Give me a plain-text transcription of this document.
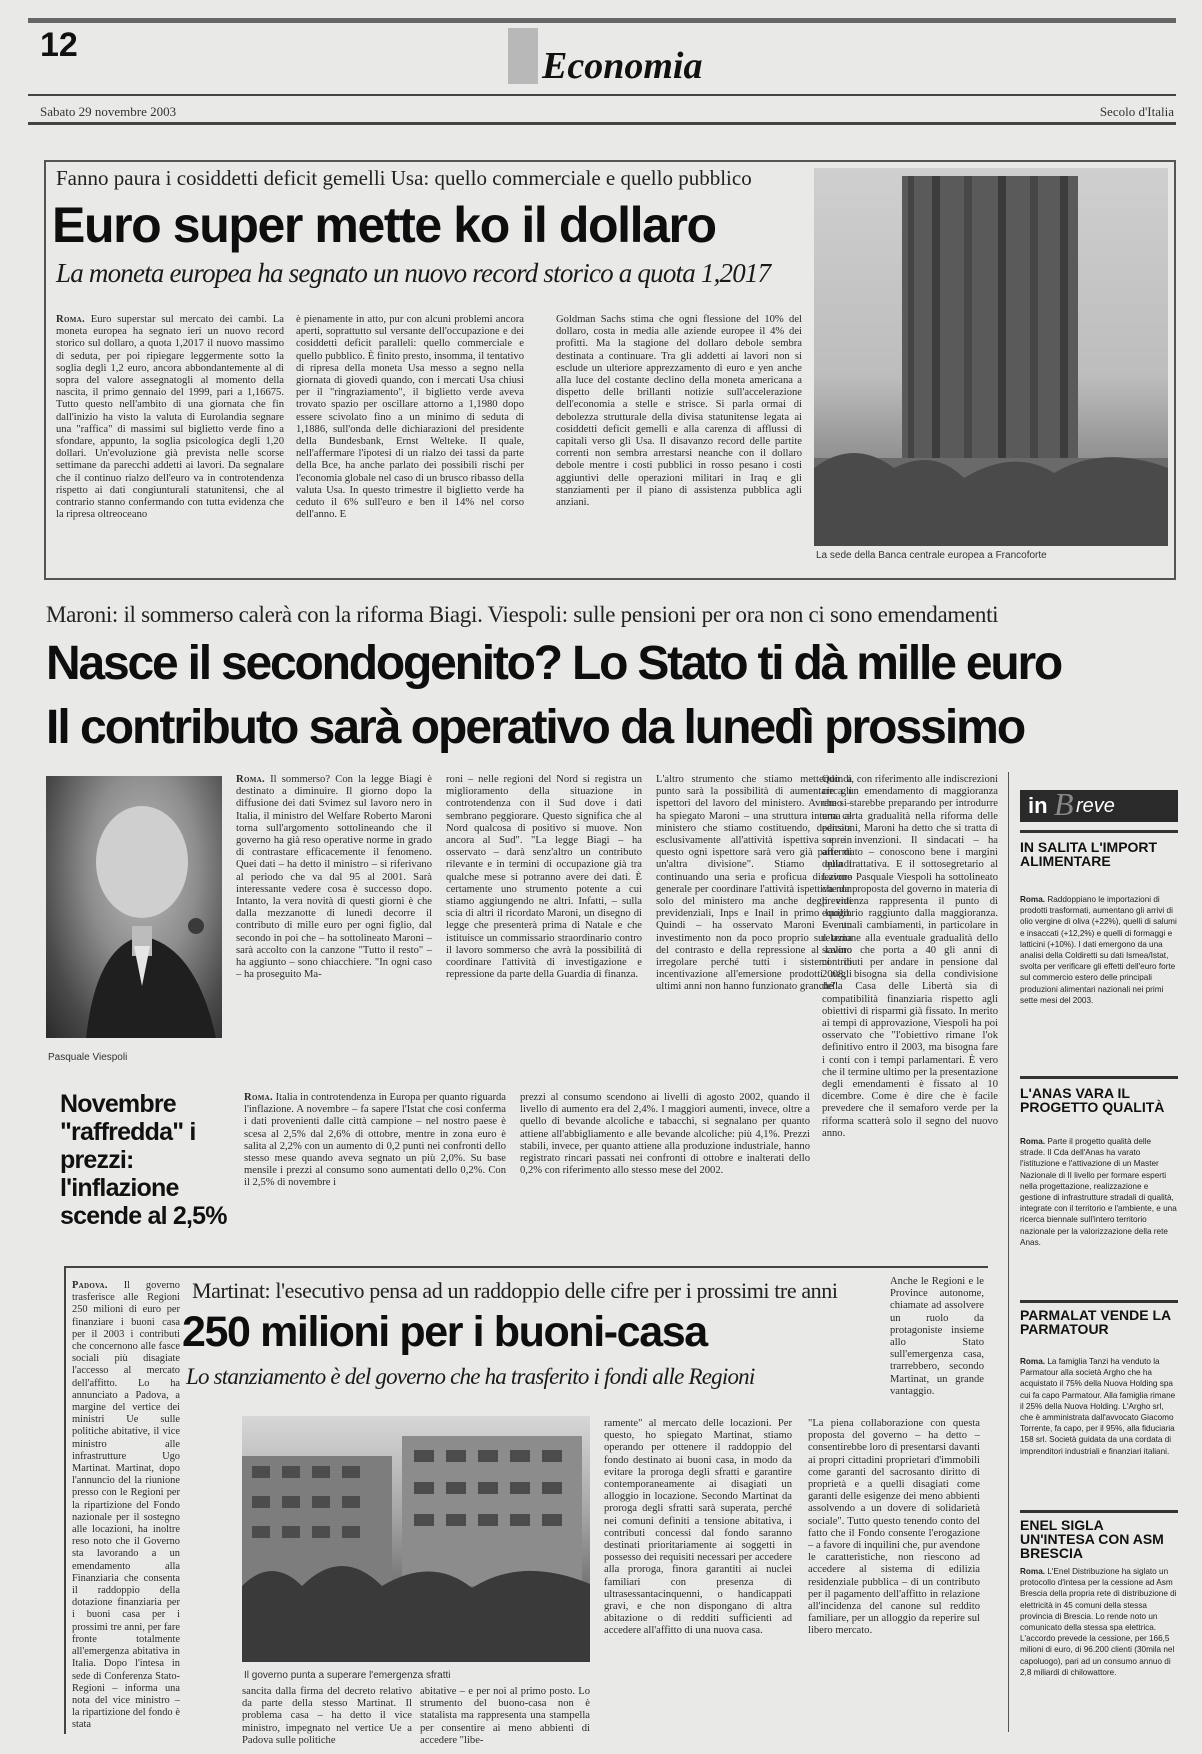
12	Economia
Sabato 29 novembre 2003	Secolo d'Italia
Fanno paura i cosiddetti deficit gemelli Usa: quello commerciale e quello pubblico
Euro super mette ko il dollaro
La moneta europea ha segnato un nuovo record storico a quota 1,2017
Roma. Euro superstar sul mercato dei cambi. La moneta europea ha segnato ieri un nuovo record storico sul dollaro, a quota 1,2017 il nuovo massimo di seduta, per poi ripiegare leggermente sotto la soglia degli 1,2 euro, ancora abbondantemente al di sopra del valore assegnatogli al momento della nascita, il primo gennaio del 1999, pari a 1,16675. Tutto questo nell'ambito di una giornata che fin dall'inizio ha visto la valuta di Eurolandia segnare una "raffica" di massimi sul biglietto verde fino a sfondare, appunto, la soglia psicologica degli 1,20 dollari. Un'evoluzione già prevista nelle scorse settimane da parecchi addetti ai lavori. Da segnalare che il continuo rialzo dell'euro va in controtendenza rispetto ai dati congiunturali statunitensi, che al contrario stanno confermando con tutta evidenza che la ripresa oltreoceano
è pienamente in atto, pur con alcuni problemi ancora aperti, soprattutto sul versante dell'occupazione e dei cosiddetti deficit paralleli: quello commerciale e quello pubblico. È finito presto, insomma, il tentativo di ripresa della moneta Usa messo a segno nella giornata di giovedì quando, con i mercati Usa chiusi per il "ringraziamento", il biglietto verde aveva trovato spazio per oscillare attorno a 1,1980 dopo essere scivolato fino a un minimo di seduta di 1,1886, sull'onda delle dichiarazioni del presidente della Bundesbank, Ernst Welteke. Il quale, nell'affermare l'ipotesi di un rialzo dei tassi da parte della Bce, ha anche parlato dei possibili rischi per l'economia globale nel caso di un brusco ribasso della valuta Usa. In questo trimestre il biglietto verde ha ceduto il 6% sull'euro e ben il 14% nel corso dell'anno. E
Goldman Sachs stima che ogni flessione del 10% del dollaro, costa in media alle aziende europee il 4% dei profitti. Ma la stagione del dollaro debole sembra destinata a continuare. Tra gli addetti ai lavori non si esclude un ulteriore apprezzamento di euro e yen anche alla luce del costante declino della moneta americana a dispetto delle brillanti notizie sull'accelerazione dell'economia a stelle e strisce. Si parla ormai di debolezza strutturale della divisa statunitense legata ai cosiddetti deficit gemelli e alla carenza di afflussi di capitali verso gli Usa. Il disavanzo record delle partite correnti non sembra arrestarsi neanche con il dollaro debole mentre i costi pubblici in rosso pesano i costi aggiuntivi delle operazioni militari in Iraq e gli stanziamenti per il piano di assistenza pubblica agli anziani.
La sede della Banca centrale europea a Francoforte
Maroni: il sommerso calerà con la riforma Biagi. Viespoli: sulle pensioni per ora non ci sono emendamenti
Nasce il secondogenito? Lo Stato ti dà mille euro
Il contributo sarà operativo da lunedì prossimo
Pasquale Viespoli
Roma. Il sommerso? Con la legge Biagi è destinato a diminuire. Il giorno dopo la diffusione dei dati Svimez sul lavoro nero in Italia, il ministro del Welfare Roberto Maroni torna sull'argomento sottolineando che il governo ha già reso operative norme in grado di contrastare efficacemente il fenomeno. Quei dati – ha detto il ministro – si riferivano al periodo che va dal 95 al 2001. Sarà interessante vedere cosa è successo dopo. Intanto, la vera novità di questi giorni è che dalla mezzanotte di lunedì decorre il contributo di mille euro per ogni figlio, dal secondo in poi che – ha sottolineato Maroni – sarà accolto con la canzone "Tutto il resto" – ha aggiunto – sono chiacchiere. "In ogni caso – ha proseguito Ma-
roni – nelle regioni del Nord si registra un miglioramento della situazione in controtendenza con il Sud dove i dati sembrano peggiorare. Questo significa che al Nord qualcosa di positivo si muove. Non ancora al Sud". "La legge Biagi – ha osservato – darà senz'altro un contributo rilevante e in termini di occupazione già tra qualche mese si potranno avere dei dati. È certamente uno strumento potente a cui stiamo aggiungendo ne altri. Infatti, – sulla scia di altri il ricordato Maroni, un disegno di legge che presenterà prima di Natale e che istituisce un commissario straordinario contro il lavoro sommerso che avrà la possibilità di coordinare l'attività di investigazione e repressione da parte della Guardia di finanza.
L'altro strumento che stiamo mettendo a punto sarà la possibilità di aumentare gli ispettori del lavoro del ministero. Avremo – ha spiegato Maroni – una struttura interna al ministero che stiamo costituendo, dedicata esclusivamente all'attività ispettiva e in questo ogni ispettore sarà vero già parte di un'altra divisione". Stiamo quindi continuando una seria e proficua direzione generale per coordinare l'attività ispettiva non solo del ministero ma anche degli enti previdenziali, Inps e Inail in primo luogo. Quindi – ha osservato Maroni – un investimento non da poco proprio sul tema del contrasto e della repressione al lavoro irregolare perché tutti i sistemi di incentivazione all'emersione prodotti negli ultimi anni non hanno funzionato granché".
Quindi, con riferimento alle indiscrezioni circa un emendamento di maggioranza che si starebbe preparando per introdurre una certa gradualità nella riforma delle pensioni, Maroni ha detto che si tratta di sopre invenzioni. Il sindacati – ha affermato – conoscono bene i margini della trattativa. E il sottosegretario al Lavoro Pasquale Viespoli ha sottolineato che da proposta del governo in materia di previdenza rappresenta il punto di equilibrio raggiunto dalla maggioranza. Eventuali cambiamenti, in particolare in relazione alla eventuale gradualità dello scalino che porta a 40 gli anni di contributi per andare in pensione dal 2008, bisogna sia della condivisione della Casa delle Libertà sia di compatibilità finanziaria rispetto agli obiettivi di risparmi già fissato. In merito ai tempi di approvazione, Viespoli ha poi osservato che "l'obiettivo rimane l'ok definitivo entro il 2003, ma bisogna fare i conti con i tempi parlamentari. È vero che il termine ultimo per la presentazione degli emendamenti è fissato al 10 dicembre. Come è dire che è facile prevedere che il semaforo verde per la riforma scatterà solo il segno del nuovo anno.
Novembre "raffredda" i prezzi: l'inflazione scende al 2,5%
Roma. Italia in controtendenza in Europa per quanto riguarda l'inflazione. A novembre – fa sapere l'Istat che cosi conferma i dati provenienti dalle città campione – nel nostro paese è scesa al 2,5% dal 2,6% di ottobre, mentre in zona euro è salita al 2,2% con un aumento di 0,2 punti nei confronti dello stesso mese quando aveva segnato un più 2,0%. Su base mensile i prezzi al consumo sono aumentati dello 0,2%. Con il 2,5% di novembre i
prezzi al consumo scendono ai livelli di agosto 2002, quando il livello di aumento era del 2,4%. I maggiori aumenti, invece, oltre a quello di bevande alcoliche e tabacchi, si segnalano per quanto attiene all'abbigliamento e alle bevande alcoliche: più 4,1%. Prezzi stabili, invece, per quanto attiene alla produzione industriale, hanno registrato rincari passati nei confronti di ottobre e inalterati dello 0,2% con riferimento allo stesso mese del 2002.
Padova. Il governo trasferisce alle Regioni 250 milioni di euro per finanziare i buoni casa per il 2003 i contributi che concernono alle fasce sociali più disagiate l'accesso al mercato dell'affitto. Lo ha annunciato a Padova, a margine del vertice dei ministri Ue sulle politiche abitative, il vice ministro alle infrastrutture Ugo Martinat. Martinat, dopo l'annuncio del la riunione presso con le Regioni per la ripartizione del Fondo nazionale per il sostegno alle locazioni, ha inoltre reso noto che il Governo sta lavorando a un emendamento alla Finanziaria che consenta il raddoppio della dotazione finanziaria per i buoni casa per i prossimi tre anni, per fare fronte totalmente all'emergenza abitativa in Italia. Dopo l'intesa in sede di Conferenza Stato-Regioni – informa una nota del vice ministro – la ripartizione del fondo è stata
Martinat: l'esecutivo pensa ad un raddoppio delle cifre per i prossimi tre anni
250 milioni per i buoni-casa
Lo stanziamento è del governo che ha trasferito i fondi alle Regioni
Anche le Regioni e le Province autonome, chiamate ad assolvere un ruolo da protagoniste insieme allo Stato sull'emergenza casa, trarrebbero, secondo Martinat, un grande vantaggio.
Il governo punta a superare l'emergenza sfratti
sancita dalla firma del decreto relativo da parte della stesso Martinat. Il problema casa – ha detto il vice ministro, impegnato nel vertice Ue a Padova sulle politiche
abitative – e per noi al primo posto. Lo strumento del buono-casa non è statalista ma rappresenta una stampella per consentire ai meno abbienti di accedere "libe-
ramente" al mercato delle locazioni. Per questo, ho spiegato Martinat, stiamo operando per ottenere il raddoppio del fondo destinato ai buoni casa, in modo da evitare la proroga degli sfratti e garantire contemporaneamente ai disagiati un alloggio in locazione. Secondo Martinat da proroga degli sfratti sarà superata, perché nei comuni definiti a tensione abitativa, i contributi concessi dal fondo saranno destinati prioritariamente ai soggetti in possesso dei requisiti necessari per accedere alla proroga, finora garantiti ai nuclei familiari con presenza di ultrasessantacinquenni, o handicappati gravi, e che non dispongano di altra abitazione o di redditi sufficienti ad accedere all'affitto di una nuova casa.
"La piena collaborazione con questa proposta del governo – ha detto – consentirebbe loro di presentarsi davanti ai propri cittadini proprietari d'immobili come garanti del sacrosanto diritto di proprietà e a quelli disagiati come garanti delle esigenze dei meno abbienti assolvendo a un dovere di solidarietà sociale". Tutto questo tenendo conto del fatto che il Fondo consente l'erogazione – a favore di inquilini che, pur avendone le caratteristiche, non riescono ad accedere al sistema di edilizia residenziale pubblica – di un contributo per il pagamento dell'affitto in relazione all'incidenza del canone sul reddito familiare, per un alloggio da reperire sul libero mercato.
in B reve
IN SALITA L'IMPORT ALIMENTARE
Roma. Raddoppiano le importazioni di prodotti trasformati, aumentano gli arrivi di olio vergine di oliva (+22%), quelli di salumi e insaccati (+12,2%) e quelli di formaggi e latticini (+10%). I dati emergono da una analisi della Coldiretti su dati Ismea/Istat, svolta per verificare gli effetti dell'euro forte sul commercio estero delle principali produzioni alimentari nazionali nei primi sette mesi del 2003.
L'ANAS VARA IL PROGETTO QUALITÀ
Roma. Parte il progetto qualità delle strade. Il Cda dell'Anas ha varato l'istituzione e l'attivazione di un Master Nazionale di II livello per formare esperti nella progettazione, realizzazione e gestione di infrastrutture stradali di qualità, integrate con il territorio e l'ambiente, e una ricerca biennale sull'intero territorio nazionale per la valorizzazione della rete Anas.
PARMALAT VENDE LA PARMATOUR
Roma. La famiglia Tanzi ha venduto la Parmatour alla società Argho che ha acquistato il 75% della Nuova Holding spa cui fa capo Parmatour. Alla famiglia rimane il 25% della Nuova Holding. L'Argho srl, che è amministrata dall'avvocato Giacomo Torrente, fa capo, per il 95%, alla fiduciaria 158 srl. Società guidata da una cordata di imprenditori industriali e finanziari italiani.
ENEL SIGLA UN'INTESA CON ASM BRESCIA
Roma. L'Enel Distribuzione ha siglato un protocollo d'intesa per la cessione ad Asm Brescia della propria rete di distribuzione di elettricità in 45 comuni della stessa provincia di Brescia. Lo rende noto un comunicato della stessa spa elettrica. L'accordo prevede la cessione, per 166,5 milioni di euro, di 96.200 clienti (30mila nel capoluogo), pari ad un consumo annuo di 2,8 miliardi di chilowattore.
